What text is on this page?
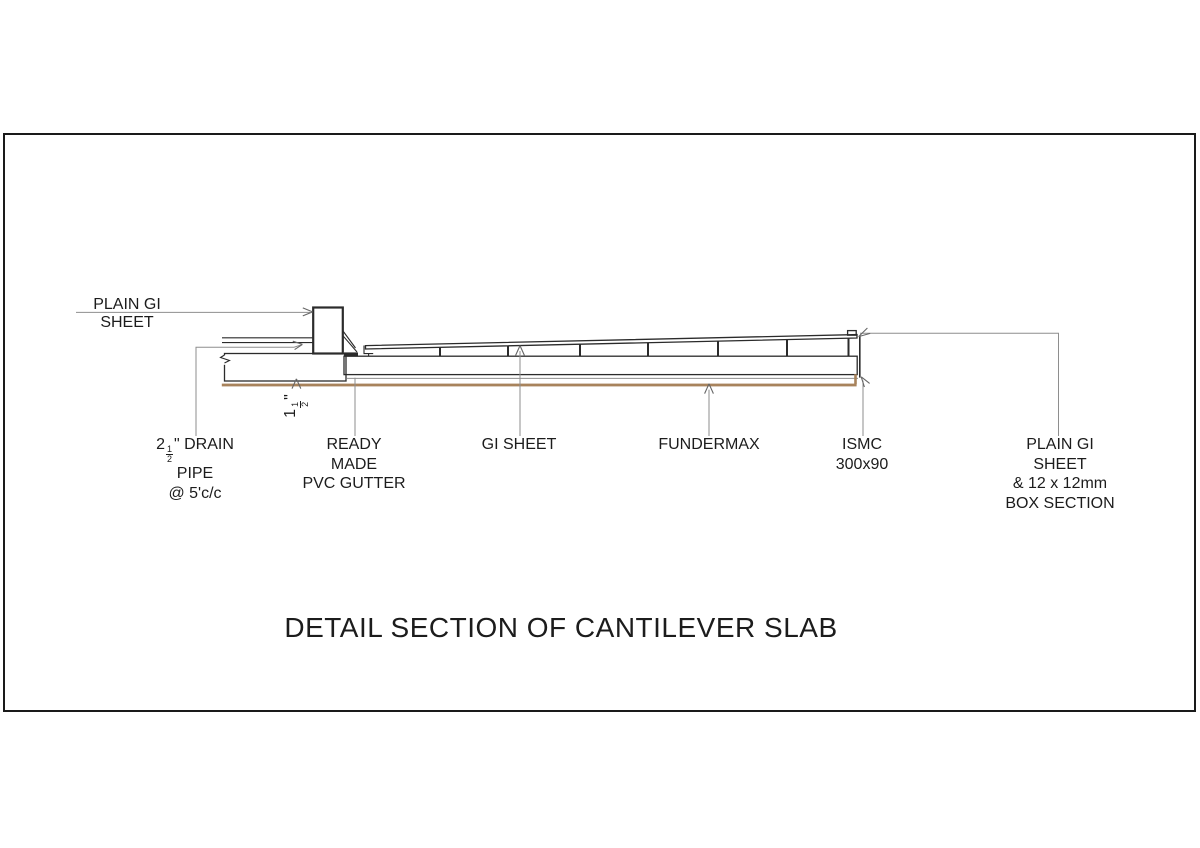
PLAIN GI
SHEET
2
$\frac{1}{2}$
" DRAIN
PIPE
@ 5'c/c
READY
MADE
PVC GUTTER
GI SHEET	FUNDERMAX	ISMC
300x90
PLAIN GI
SHEET
& 12 x 12mm
BOX SECTION
1
1 2
"
DETAIL SECTION OF CANTILEVER SLAB
